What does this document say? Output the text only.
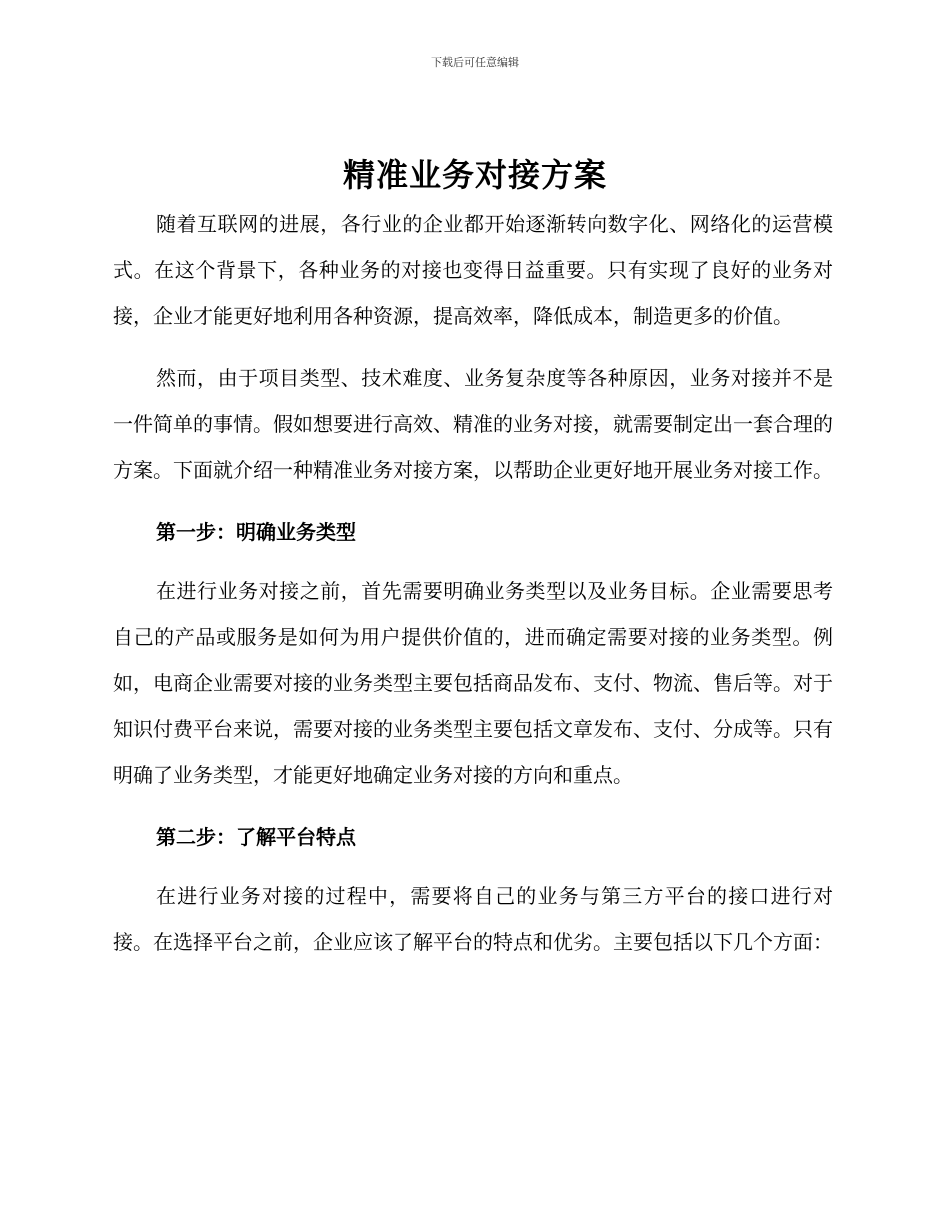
下载后可任意编辑
精准业务对接方案

随着互联网的进展，各行业的企业都开始逐渐转向数字化、网络化的运营模式。在这个背景下，各种业务的对接也变得日益重要。只有实现了良好的业务对接，企业才能更好地利用各种资源，提高效率，降低成本，制造更多的价值。

然而，由于项目类型、技术难度、业务复杂度等各种原因，业务对接并不是一件简单的事情。假如想要进行高效、精准的业务对接，就需要制定出一套合理的方案。下面就介绍一种精准业务对接方案，以帮助企业更好地开展业务对接工作。

第一步：明确业务类型

在进行业务对接之前，首先需要明确业务类型以及业务目标。企业需要思考自己的产品或服务是如何为用户提供价值的，进而确定需要对接的业务类型。例如，电商企业需要对接的业务类型主要包括商品发布、支付、物流、售后等。对于知识付费平台来说，需要对接的业务类型主要包括文章发布、支付、分成等。只有明确了业务类型，才能更好地确定业务对接的方向和重点。

第二步：了解平台特点

在进行业务对接的过程中，需要将自己的业务与第三方平台的接口进行对接。在选择平台之前，企业应该了解平台的特点和优劣。主要包括以下几个方面：
